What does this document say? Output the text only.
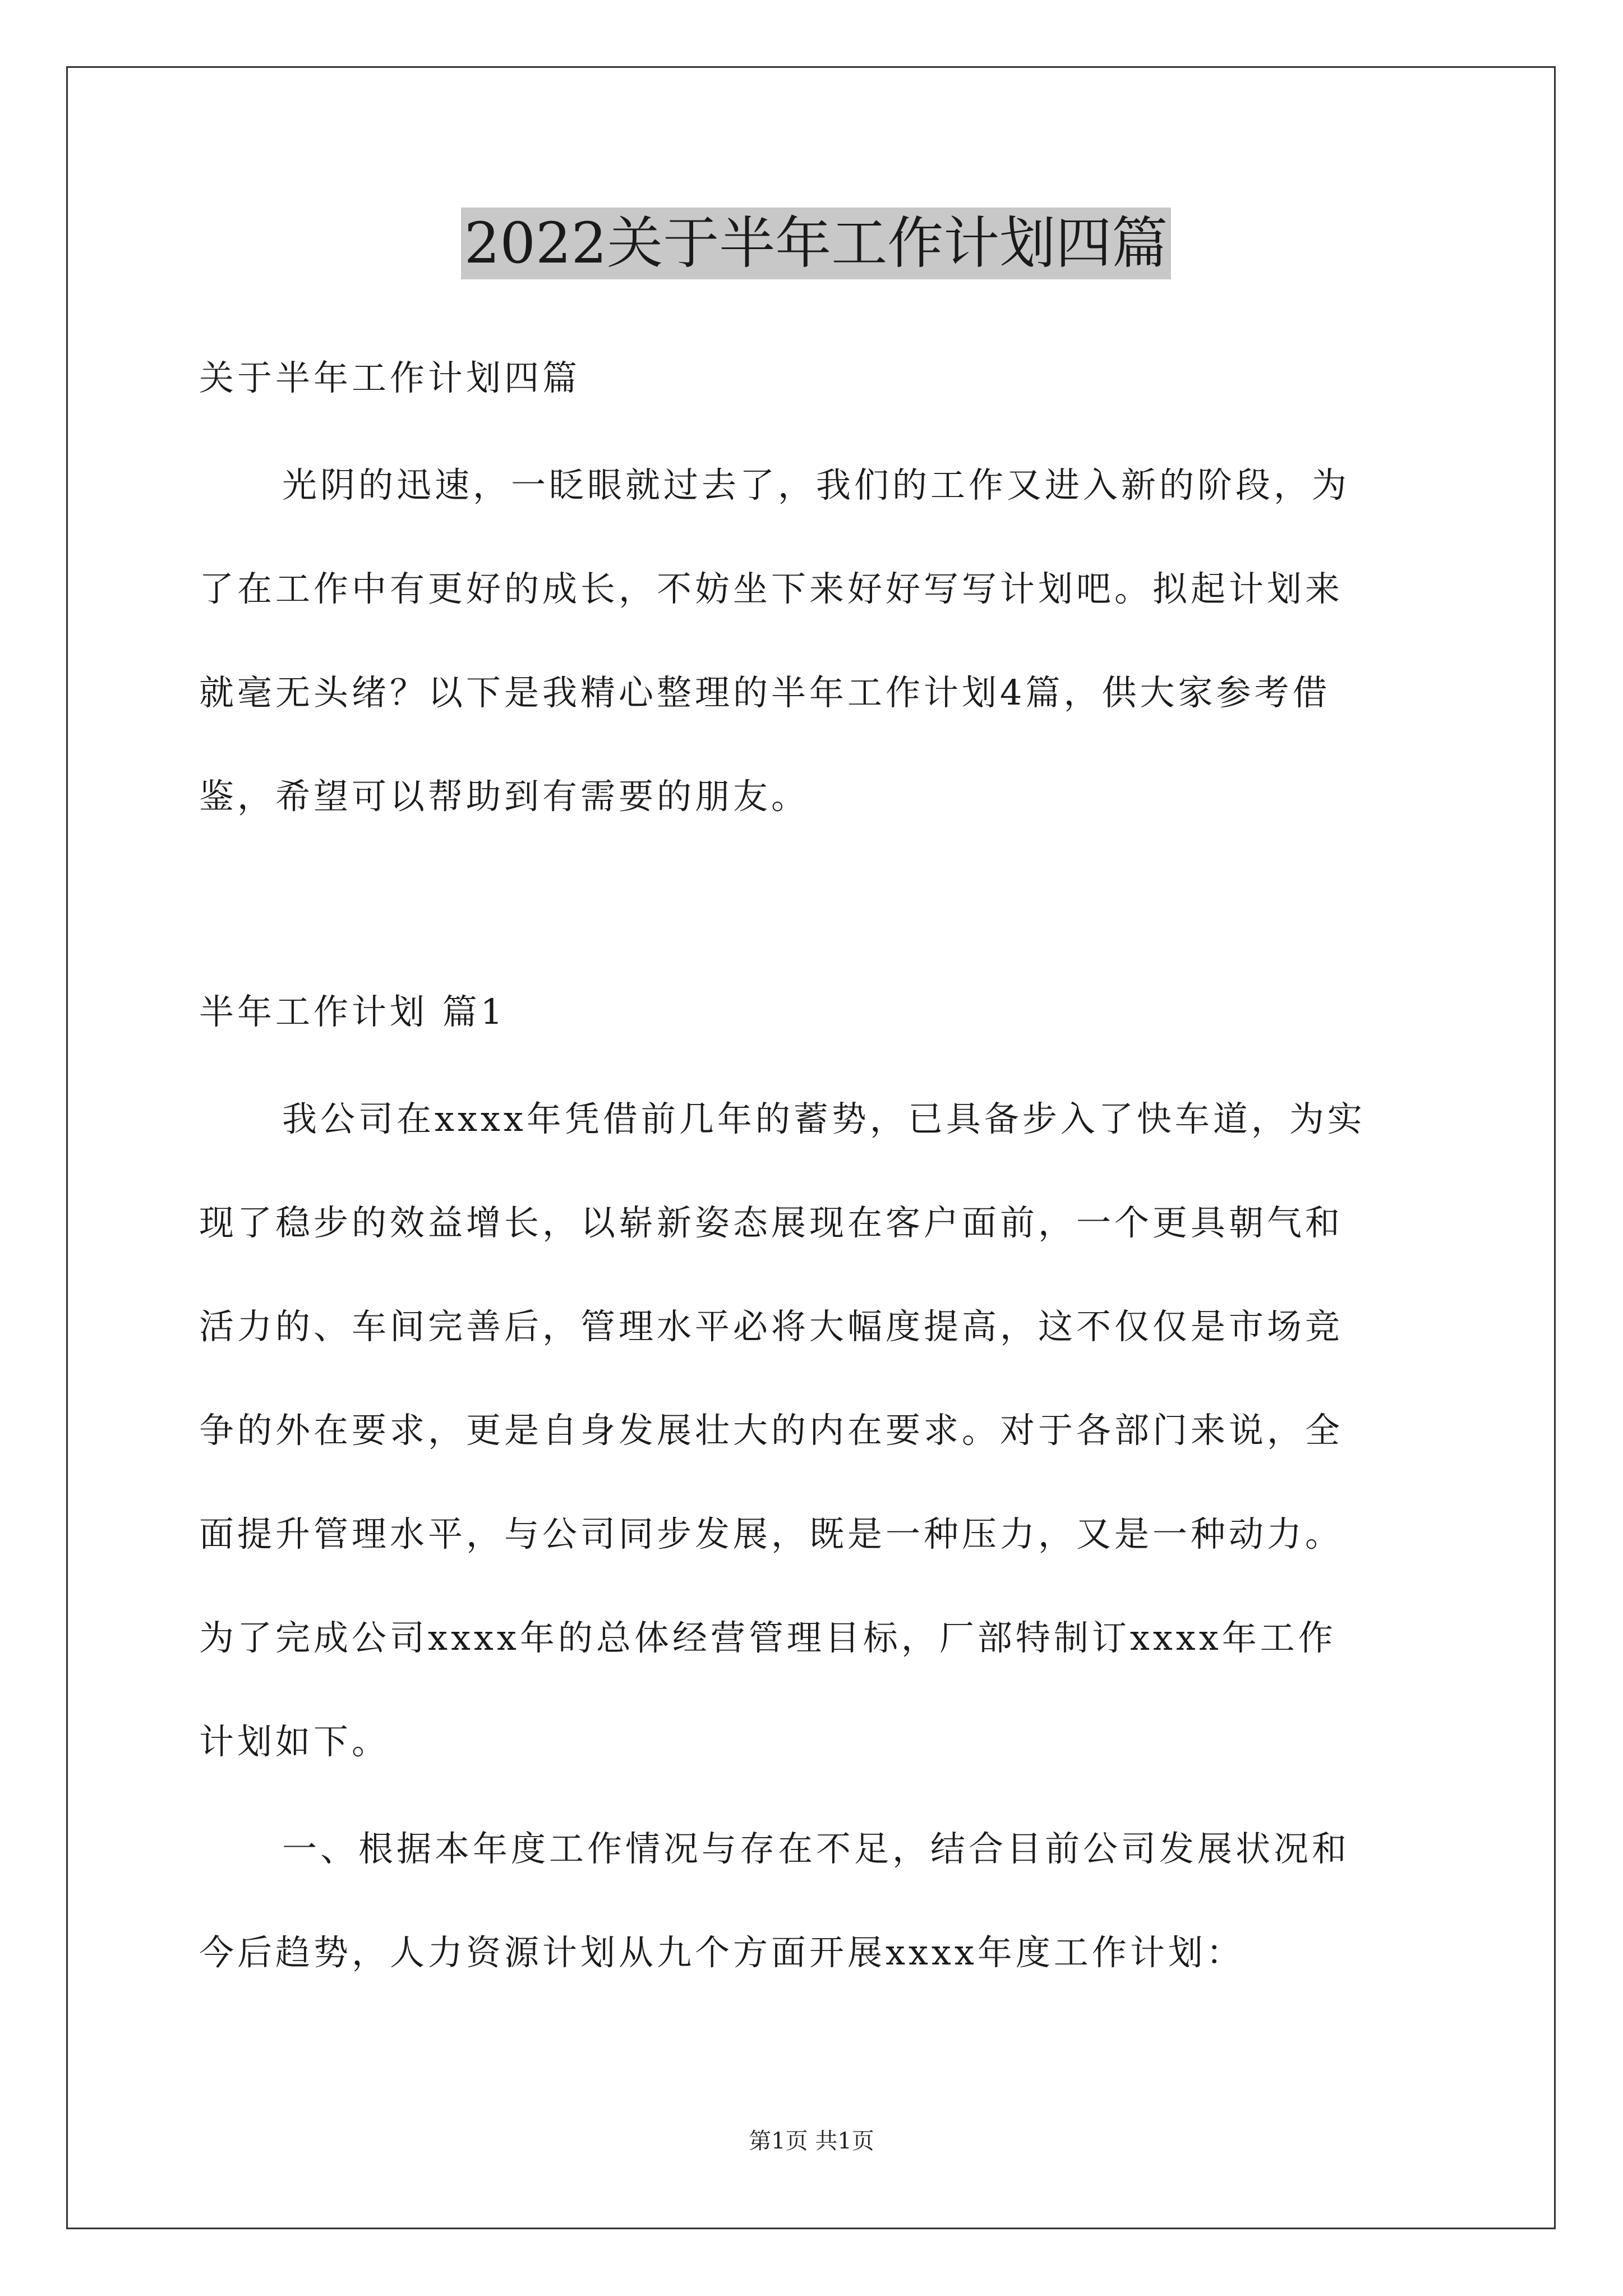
2022关于半年工作计划四篇
关于半年工作计划四篇
光阴的迅速，一眨眼就过去了，我们的工作又进入新的阶段，为
了在工作中有更好的成长，不妨坐下来好好写写计划吧。拟起计划来
就毫无头绪？以下是我精心整理的半年工作计划4篇，供大家参考借
鉴，希望可以帮助到有需要的朋友。
半年工作计划 篇1
我公司在xxxx年凭借前几年的蓄势，已具备步入了快车道，为实
现了稳步的效益增长，以崭新姿态展现在客户面前，一个更具朝气和
活力的、车间完善后，管理水平必将大幅度提高，这不仅仅是市场竞
争的外在要求，更是自身发展壮大的内在要求。对于各部门来说，全
面提升管理水平，与公司同步发展，既是一种压力，又是一种动力。
为了完成公司xxxx年的总体经营管理目标，厂部特制订xxxx年工作
计划如下。
一、根据本年度工作情况与存在不足，结合目前公司发展状况和
今后趋势，人力资源计划从九个方面开展xxxx年度工作计划：
第1页 共1页
